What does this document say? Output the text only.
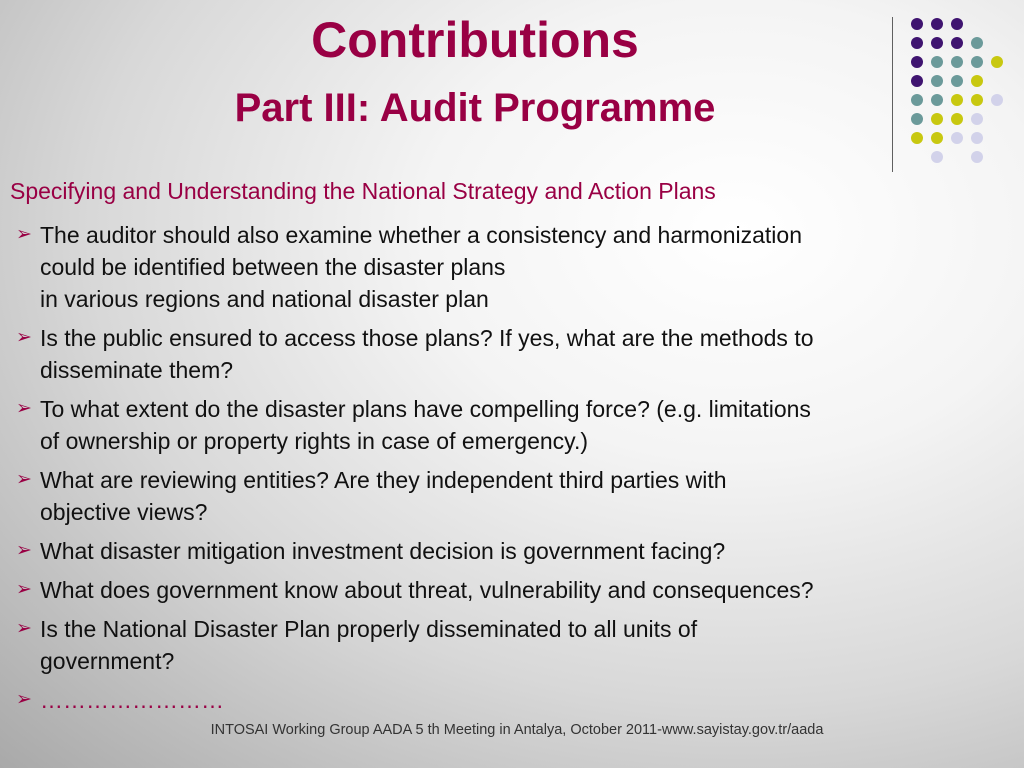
Contributions
Part III: Audit Programme
Specifying and Understanding the National Strategy and Action Plans
➢ The auditor should also examine whether a consistency and harmonization
could be identified between the disaster plans
in various regions and national disaster plan
➢ Is the public ensured to access those plans? If yes, what are the methods to
disseminate them?
➢ To what extent do the disaster plans have compelling force? (e.g. limitations
of ownership or property rights in case of emergency.)
➢ What are reviewing entities? Are they independent third parties with
objective views?
➢ What disaster mitigation investment decision is government facing?
➢ What does government know about threat, vulnerability and consequences?
➢ Is the National Disaster Plan properly disseminated to all units of
government?
➢ ……………………
INTOSAI Working Group AADA 5 th Meeting in Antalya, October 2011-www.sayistay.gov.tr/aada
